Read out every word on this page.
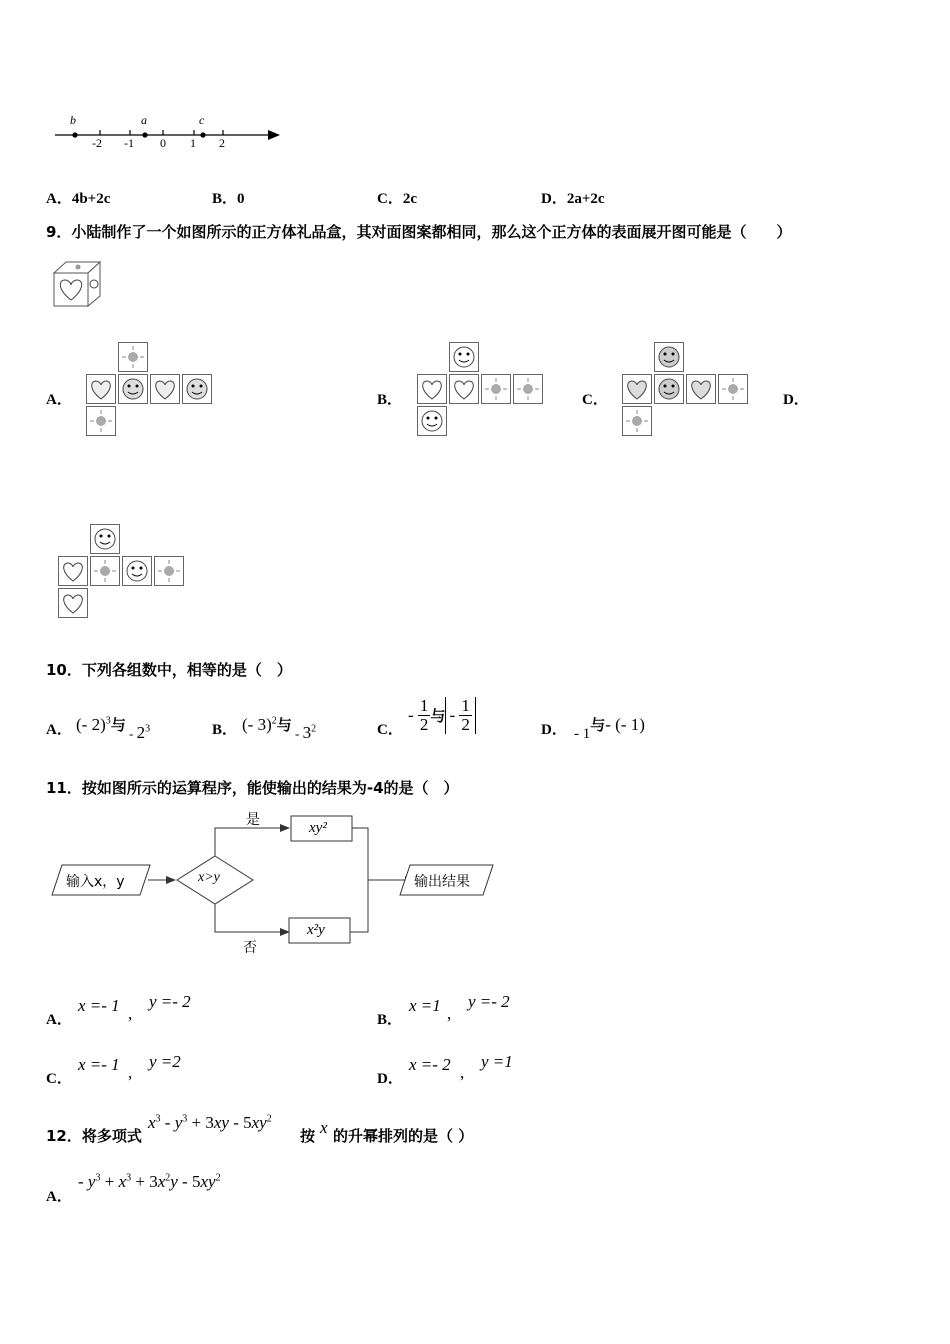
b	a	c
-2 -1 0 1 2
A．4b+2c	B．0	C．2c	D．2a+2c
9．小陆制作了一个如图所示的正方体礼品盒，其对面图案都相同，那么这个正方体的表面展开图可能是（　　）
A．	B．	C．	D．
10．下列各组数中，相等的是（　）
A． (- 2)$^3$与 $_-$ $2^3$	B． (- 3)$^2$与 $_-$ $3^2$	C．
- $\frac{1}{2}$ 与 - $\frac{1}{2}$	D． - 1与- (- 1)
11．按如图所示的运算程序，能使输出的结果为-4的是（　）
输入x，y	x>y
是
否
xy²
x²y
输出结果
A．
x =- 1 ,
y =- 2
B．
x =1 ,
y =- 2
C．
x =- 1 ,
y =2
D．
x =- 2 ,
y =1
12．将多项式
$x^3 - y^3 + 3xy - 5xy^2$
按 x 的升幂排列的是（ ）
A．
- $y^3 + x^3 + 3x^2y - 5xy^2$
